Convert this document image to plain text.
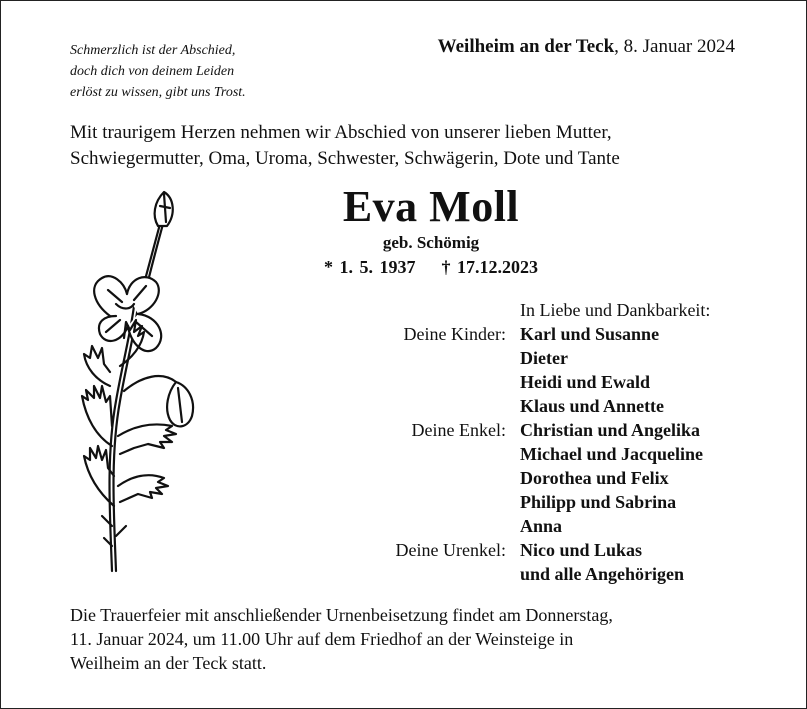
Schmerzlich ist der Abschied,
doch dich von deinem Leiden
erlöst zu wissen, gibt uns Trost.
Weilheim an der Teck, 8. Januar 2024
Mit traurigem Herzen nehmen wir Abschied von unserer lieben Mutter,
Schwiegermutter, Oma, Uroma, Schwester, Schwägerin, Dote und Tante
Eva Moll
geb. Schömig
* 1. 5. 1937 † 17.12.2023
In Liebe und Dankbarkeit:
Deine Kinder: Karl und Susanne
Dieter
Heidi und Ewald
Klaus und Annette
Deine Enkel: Christian und Angelika
Michael und Jacqueline
Dorothea und Felix
Philipp und Sabrina
Anna
Deine Urenkel: Nico und Lukas
und alle Angehörigen
Die Trauerfeier mit anschließender Urnenbeisetzung findet am Donnerstag,
11. Januar 2024, um 11.00 Uhr auf dem Friedhof an der Weinsteige in
Weilheim an der Teck statt.
